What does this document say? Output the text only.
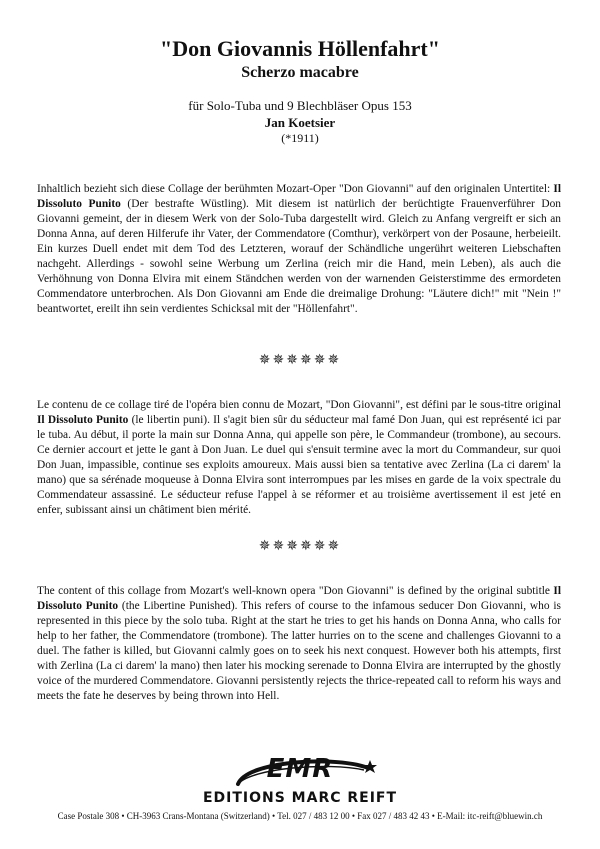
"Don Giovannis Höllenfahrt"
Scherzo macabre
für Solo-Tuba und 9 Blechbläser Opus 153
Jan Koetsier
(*1911)
Inhaltlich bezieht sich diese Collage der berühmten Mozart-Oper "Don Giovanni" auf den originalen Untertitel: Il Dissoluto Punito (Der bestrafte Wüstling). Mit diesem ist natürlich der berüchtigte Frauenverführer Don Giovanni gemeint, der in diesem Werk von der Solo-Tuba dargestellt wird. Gleich zu Anfang vergreift er sich an Donna Anna, auf deren Hilferufe ihr Vater, der Commendatore (Comthur), verkörpert von der Posaune, herbeieilt. Ein kurzes Duell endet mit dem Tod des Letzteren, worauf der Schändliche ungerührt weiteren Liebschaften nachgeht. Allerdings - sowohl seine Werbung um Zerlina (reich mir die Hand, mein Leben), als auch die Verhöhnung von Donna Elvira mit einem Ständchen werden von der warnenden Geisterstimme des ermordeten Commendatore unterbrochen. Als Don Giovanni am Ende die dreimalige Drohung: "Läutere dich!" mit "Nein !" beantwortet, ereilt ihn sein verdientes Schicksal mit der "Höllenfahrt".
✵✵✵✵✵✵
Le contenu de ce collage tiré de l'opéra bien connu de Mozart, "Don Giovanni", est défini par le sous-titre original Il Dissoluto Punito (le libertin puni). Il s'agit bien sûr du séducteur mal famé Don Juan, qui est représenté ici par le tuba. Au début, il porte la main sur Donna Anna, qui appelle son père, le Commandeur (trombone), au secours. Ce dernier accourt et jette le gant à Don Juan. Le duel qui s'ensuit termine avec la mort du Commandeur, sur quoi Don Juan, impassible, continue ses exploits amoureux. Mais aussi bien sa tentative avec Zerlina (La ci darem' la mano) que sa sérénade moqueuse à Donna Elvira sont interrompues par les mises en garde de la voix spectrale du Commendateur assassiné. Le séducteur refuse l'appel à se réformer et au troisième avertissement il est jeté en enfer, subissant ainsi un châtiment bien mérité.
✵✵✵✵✵✵
The content of this collage from Mozart's well-known opera "Don Giovanni" is defined by the original subtitle Il Dissoluto Punito (the Libertine Punished). This refers of course to the infamous seducer Don Giovanni, who is represented in this piece by the solo tuba. Right at the start he tries to get his hands on Donna Anna, who calls for help to her father, the Commendatore (trombone). The latter hurries on to the scene and challenges Giovanni to a duel. The father is killed, but Giovanni calmly goes on to seek his next conquest. However both his attempts, first with Zerlina (La ci darem' la mano) then later his mocking serenade to Donna Elvira are interrupted by the ghostly voice of the murdered Commendatore. Giovanni persistently rejects the thrice-repeated call to reform his ways and meets the fate he deserves by being thrown into Hell.
EMR
EDITIONS MARC REIFT
Case Postale 308 • CH-3963 Crans-Montana (Switzerland) • Tel. 027 / 483 12 00 • Fax 027 / 483 42 43 • E-Mail: itc-reift@bluewin.ch
